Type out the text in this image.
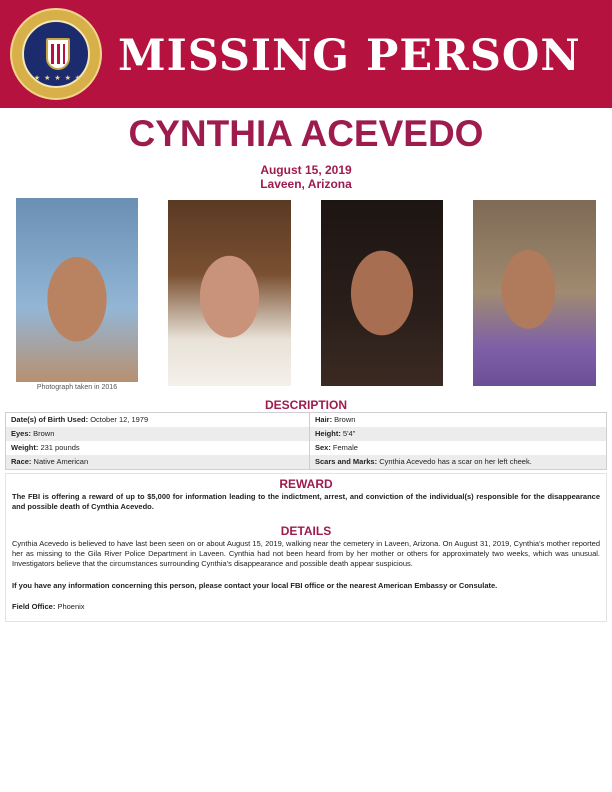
★ ★ ★ ★ ★ MISSING PERSON
CYNTHIA ACEVEDO
August 15, 2019
Laveen, Arizona
Photograph taken in 2016
DESCRIPTION
Date(s) of Birth Used: October 12, 1979	Hair: Brown
Eyes: Brown	Height: 5'4"
Weight: 231 pounds	Sex: Female
Race: Native American	Scars and Marks: Cynthia Acevedo has a scar on her left cheek.
REWARD
The FBI is offering a reward of up to $5,000 for information leading to the indictment, arrest, and conviction of the individual(s) responsible for the disappearance and possible death of Cynthia Acevedo.
DETAILS
Cynthia Acevedo is believed to have last been seen on or about August 15, 2019, walking near the cemetery in Laveen, Arizona. On August 31, 2019, Cynthia's mother reported her as missing to the Gila River Police Department in Laveen. Cynthia had not been heard from by her mother or others for approximately two weeks, which was unusual. Investigators believe that the circumstances surrounding Cynthia's disappearance and possible death appear suspicious.
If you have any information concerning this person, please contact your local FBI office or the nearest American Embassy or Consulate.
Field Office: Phoenix
